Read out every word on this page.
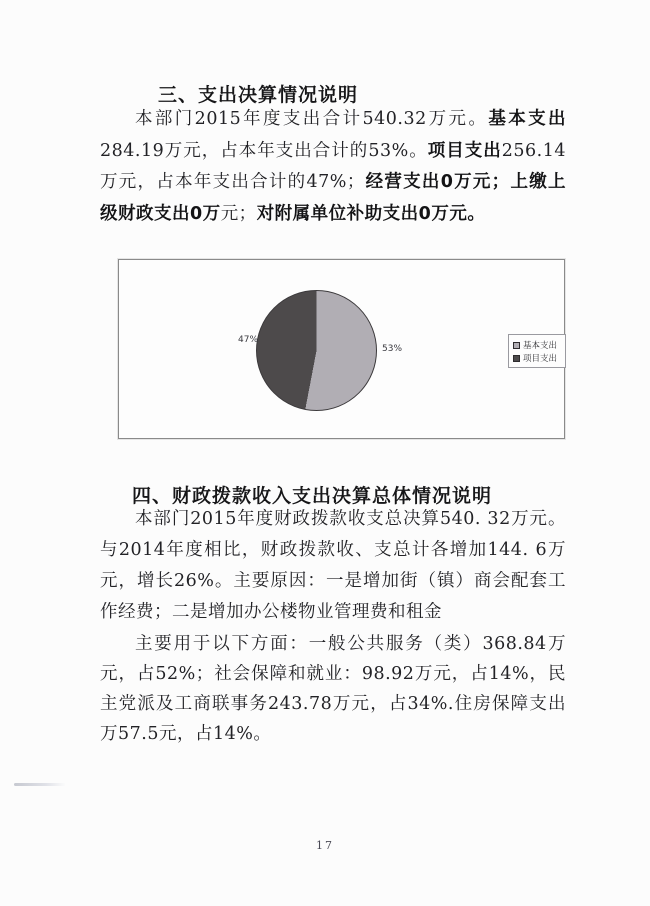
三、支出决算情况说明

本部门2015年度支出合计540.32万元。基本支出284.19万元，占本年支出合计的53%。项目支出256.14万元，占本年支出合计的47%；经营支出0万元；上缴上级财政支出0万元；对附属单位补助支出0万元。

47%
53%	基本支出
项目支出
四、财政拨款收入支出决算总体情况说明

本部门2015年度财政拨款收支总决算540. 32万元。与2014年度相比，财政拨款收、支总计各增加144. 6万元，增长26%。主要原因：一是增加街（镇）商会配套工作经费；二是增加办公楼物业管理费和租金

主要用于以下方面：一般公共服务（类）368.84万元，占52%；社会保障和就业：98.92万元，占14%，民主党派及工商联事务243.78万元，占34%.住房保障支出万57.5元，占14%。

17
